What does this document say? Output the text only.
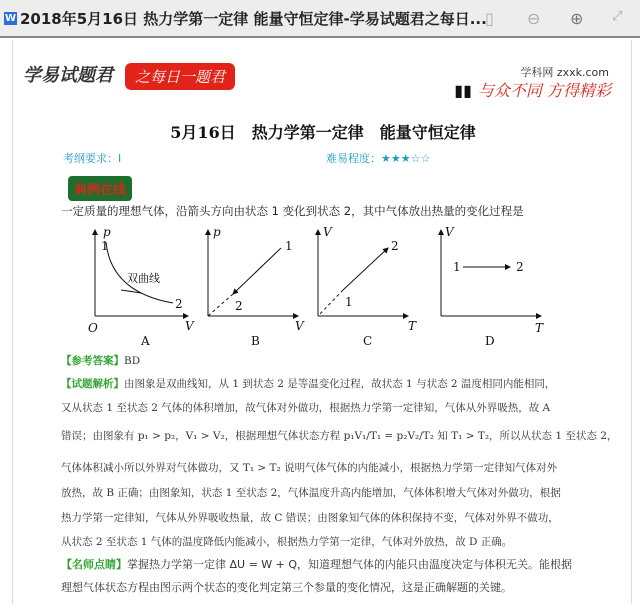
W 2018年5月16日 热力学第一定律 能量守恒定律-学易试题君之每日...
▯ ⊖ ⊕ ⤢
学易试题君	之每日一题君	学科网 zxxk.com
▮▮ 与众不同 方得精彩
5月16日　热力学第一定律　能量守恒定律
考纲要求：Ⅰ	难易程度：★★★☆☆
典例在线
一定质量的理想气体，沿箭头方向由状态 1 变化到状态 2，其中气体放出热量的变化过程是
p
V
1
2
双曲线
O
A
p
V
1
2
B
V
T
1
2
C
V
T
1	2
D
【参考答案】BD
【试题解析】由图象是双曲线知，从 1 到状态 2 是等温变化过程，故状态 1 与状态 2 温度相同内能相同，
又从状态 1 至状态 2 气体的体积增加，故气体对外做功，根据热力学第一定律知，气体从外界吸热，故 A
错误；由图象有 p₁ > p₂，V₁ > V₂，根据理想气体状态方程 p₁V₁/T₁ = p₂V₂/T₂ 知 T₁ > T₂，所以从状态 1 至状态 2，
气体体积减小所以外界对气体做功，又 T₁ > T₂ 说明气体气体的内能减小，根据热力学第一定律知气体对外
放热，故 B 正确；由图象知，状态 1 至状态 2，气体温度升高内能增加，气体体积增大气体对外做功，根据
热力学第一定律知，气体从外界吸收热量，故 C 错误；由图象知气体的体积保持不变，气体对外界不做功，
从状态 2 至状态 1 气体的温度降低内能减小，根据热力学第一定律，气体对外放热，故 D 正确。
【名师点睛】掌握热力学第一定律 ΔU = W + Q，知道理想气体的内能只由温度决定与体积无关。能根据
理想气体状态方程由图示两个状态的变化判定第三个参量的变化情况，这是正确解题的关键。
